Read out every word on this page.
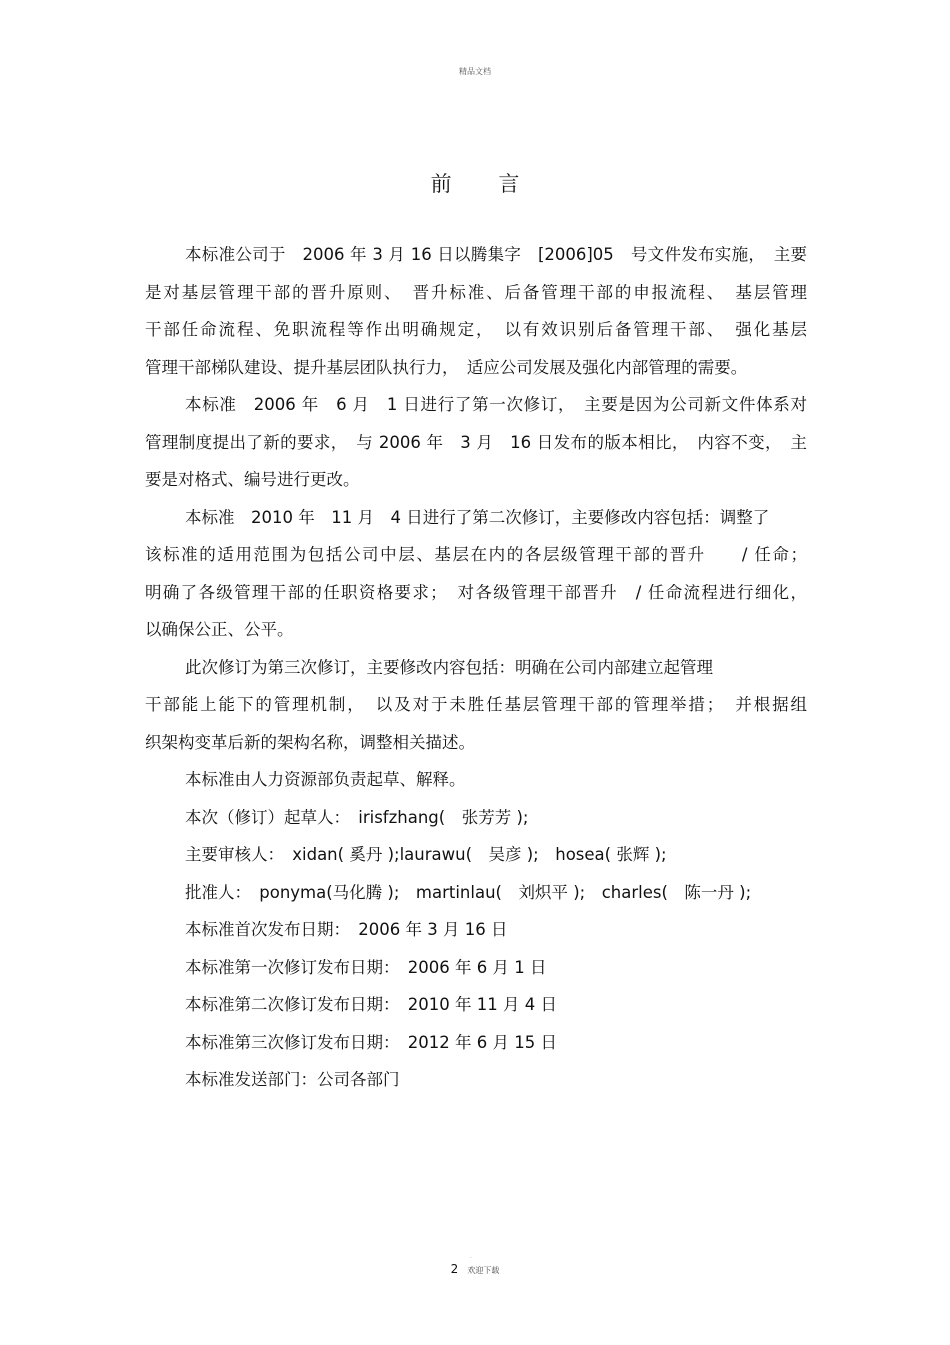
精品文档
前 言
本标准公司于　2006 年 3 月 16 日以腾集字　[2006]05　号文件发布实施，　主要
是对基层管理干部的晋升原则、　晋升标准、后备管理干部的申报流程、　基层管理
干部任命流程、免职流程等作出明确规定，　以有效识别后备管理干部、　强化基层
管理干部梯队建设、提升基层团队执行力，　适应公司发展及强化内部管理的需要。
本标准　2006 年　6 月　1 日进行了第一次修订，　主要是因为公司新文件体系对
管理制度提出了新的要求，　与 2006 年　3 月　16 日发布的版本相比，　内容不变，　主
要是对格式、编号进行更改。
本标准　2010 年　11 月　4 日进行了第二次修订，主要修改内容包括：调整了
该标准的适用范围为包括公司中层、基层在内的各层级管理干部的晋升　　/ 任命；
明确了各级管理干部的任职资格要求；　对各级管理干部晋升　/ 任命流程进行细化，
以确保公正、公平。
此次修订为第三次修订，主要修改内容包括：明确在公司内部建立起管理
干部能上能下的管理机制，　以及对于未胜任基层管理干部的管理举措；　并根据组
织架构变革后新的架构名称，调整相关描述。
本标准由人力资源部负责起草、解释。
本次（修订）起草人：　irisfzhang(　张芳芳 );
主要审核人：　xidan( 奚丹 );laurawu(　吴彦 );　hosea( 张辉 );
批准人：　ponyma(马化腾 );　martinlau(　刘炽平 );　charles(　陈一丹 );
本标准首次发布日期：　2006 年 3 月 16 日
本标准第一次修订发布日期：　2006 年 6 月 1 日
本标准第二次修订发布日期：　2010 年 11 月 4 日
本标准第三次修订发布日期：　2012 年 6 月 15 日
本标准发送部门：公司各部门
.
2 欢迎下载
